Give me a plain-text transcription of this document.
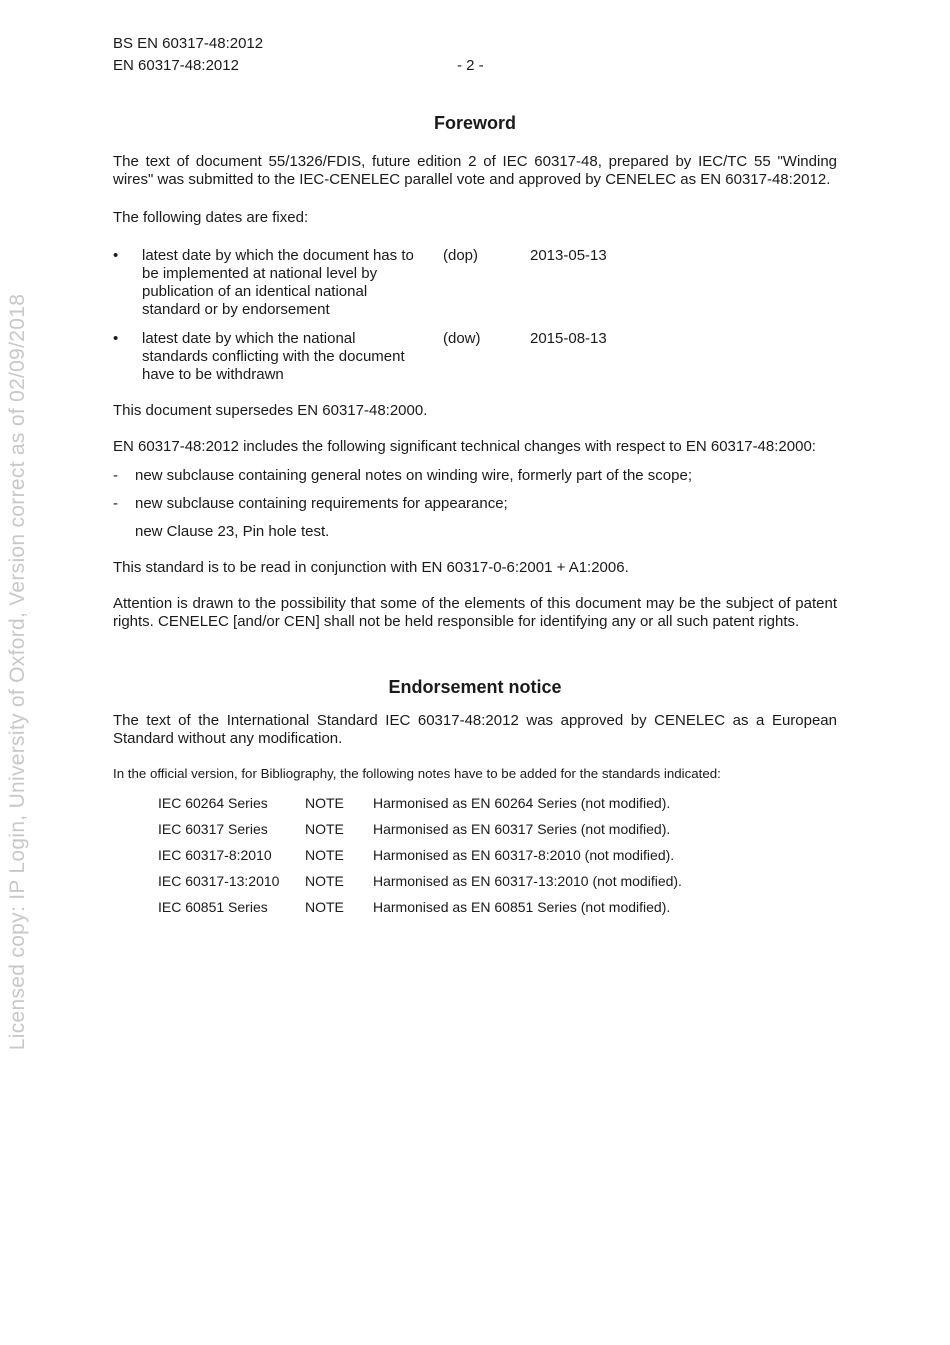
Licensed copy: IP Login, University of Oxford, Version correct as of 02/09/2018
BS EN 60317-48:2012
EN 60317-48:2012	- 2 -
Foreword

The text of document 55/1326/FDIS, future edition 2 of IEC 60317-48, prepared by IEC/TC 55 "Winding wires" was submitted to the IEC-CENELEC parallel vote and approved by CENELEC as EN 60317-48:2012.

The following dates are fixed:

•	latest date by which the document has to be implemented at national level by publication of an identical national standard or by endorsement
(dop)	2013-05-13
•	latest date by which the national standards conflicting with the document have to be withdrawn
(dow)	2015-08-13

This document supersedes EN 60317-48:2000.

EN 60317-48:2012 includes the following significant technical changes with respect to EN 60317-48:2000:

-	new subclause containing general notes on winding wire, formerly part of the scope;
-	new subclause containing requirements for appearance;
new Clause 23, Pin hole test.

This standard is to be read in conjunction with EN 60317-0-6:2001 + A1:2006.

Attention is drawn to the possibility that some of the elements of this document may be the subject of patent rights. CENELEC [and/or CEN] shall not be held responsible for identifying any or all such patent rights.

Endorsement notice

The text of the International Standard IEC 60317-48:2012 was approved by CENELEC as a European Standard without any modification.

In the official version, for Bibliography, the following notes have to be added for the standards indicated:

IEC 60264 Series	NOTE	Harmonised as EN 60264 Series (not modified).
IEC 60317 Series	NOTE	Harmonised as EN 60317 Series (not modified).
IEC 60317-8:2010	NOTE	Harmonised as EN 60317-8:2010 (not modified).
IEC 60317-13:2010	NOTE	Harmonised as EN 60317-13:2010 (not modified).
IEC 60851 Series	NOTE	Harmonised as EN 60851 Series (not modified).
